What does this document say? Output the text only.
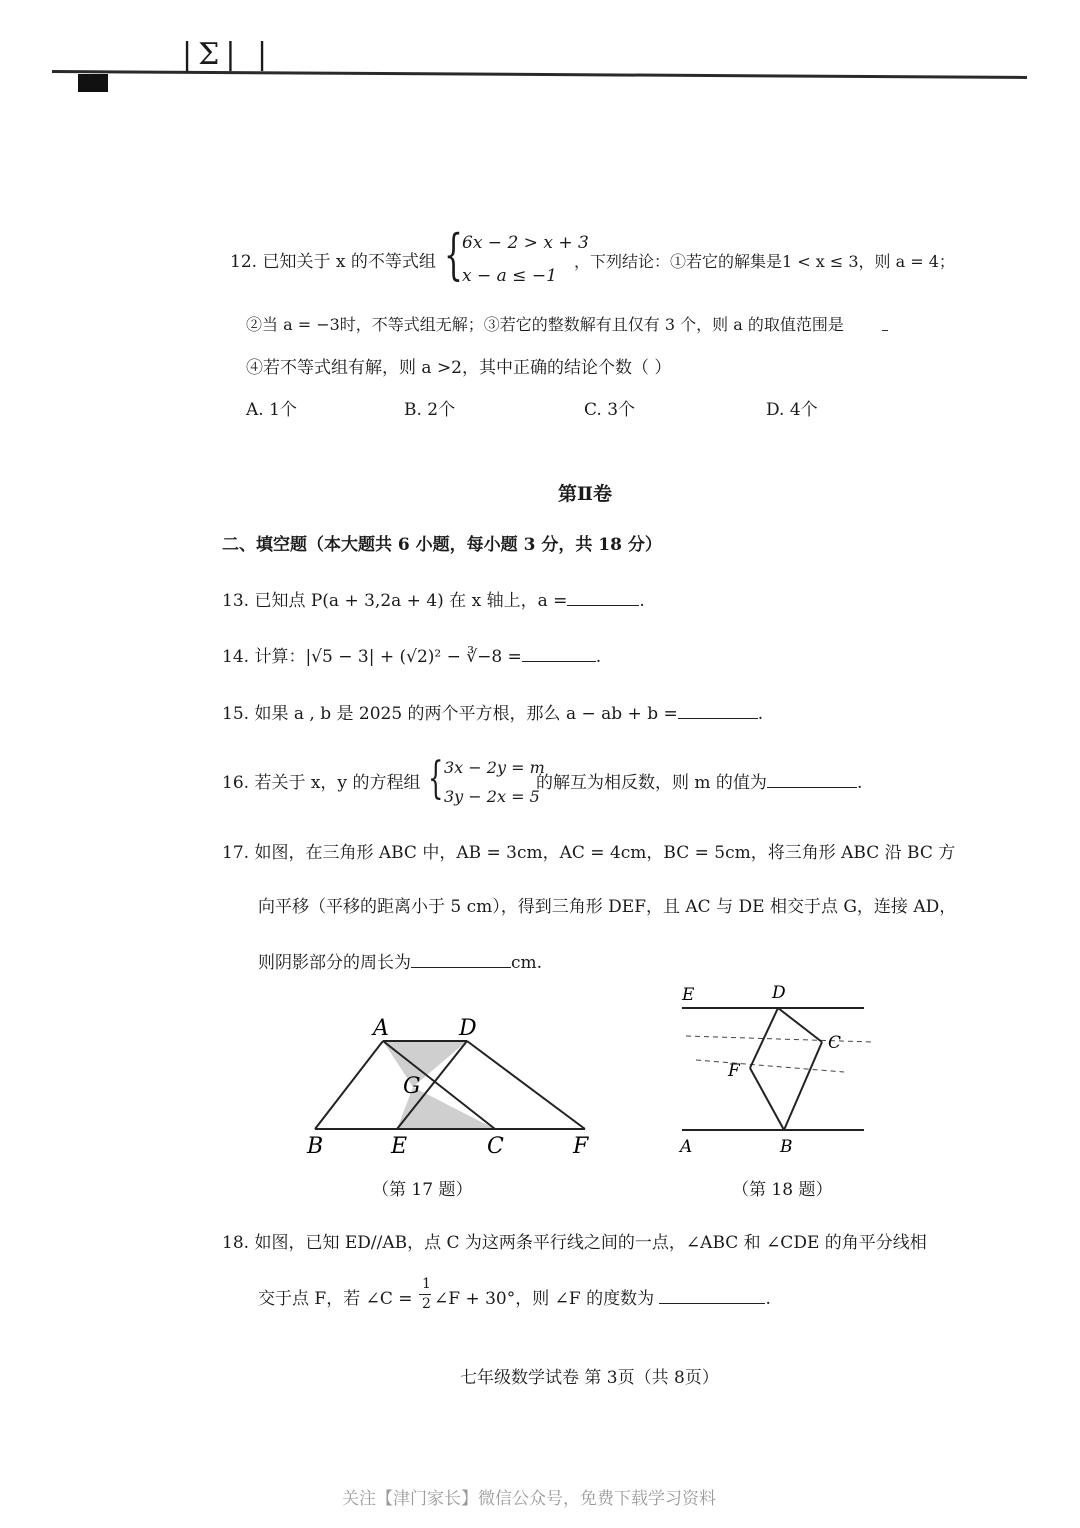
|Σ| |
12. 已知关于 x 的不等式组 { 6x − 2 > x + 3
x − a ≤ −1
，下列结论：①若它的解集是1 < x ≤ 3，则 a = 4；
②当 a = −3时，不等式组无解；③若它的整数解有且仅有 3 个，则 a 的取值范围是
④若不等式组有解，则 a >2，其中正确的结论个数（ ）
A. 1个	B. 2个	C. 3个	D. 4个
第Ⅱ卷
二、填空题（本大题共 6 小题，每小题 3 分，共 18 分）
13. 已知点 P(a + 3,2a + 4) 在 x 轴上，a =	.
14. 计算：|√5 − 3| + (√2)² − ∛−8 =	.
15. 如果 a , b 是 2025 的两个平方根，那么 a − ab + b =	.
16. 若关于 x，y 的方程组 { 3x − 2y = m
3y − 2x = 5
的解互为相反数，则 m 的值为	.
17. 如图，在三角形 ABC 中，AB = 3cm，AC = 4cm，BC = 5cm，将三角形 ABC 沿 BC 方
向平移（平移的距离小于 5 cm），得到三角形 DEF，且 AC 与 DE 相交于点 G，连接 AD，
则阴影部分的周长为	cm.
A	D
G
B	E	C	F
（第 17 题）
E	D
C
F
A	B
（第 18 题）
18. 如图，已知 ED//AB，点 C 为这两条平行线之间的一点，∠ABC 和 ∠CDE 的角平分线相
交于点 F，若 ∠C =
1
2 ∠F + 30°，则 ∠F 的度数为	.
七年级数学试卷 第 3页（共 8页）
关注【津门家长】微信公众号，免费下载学习资料
